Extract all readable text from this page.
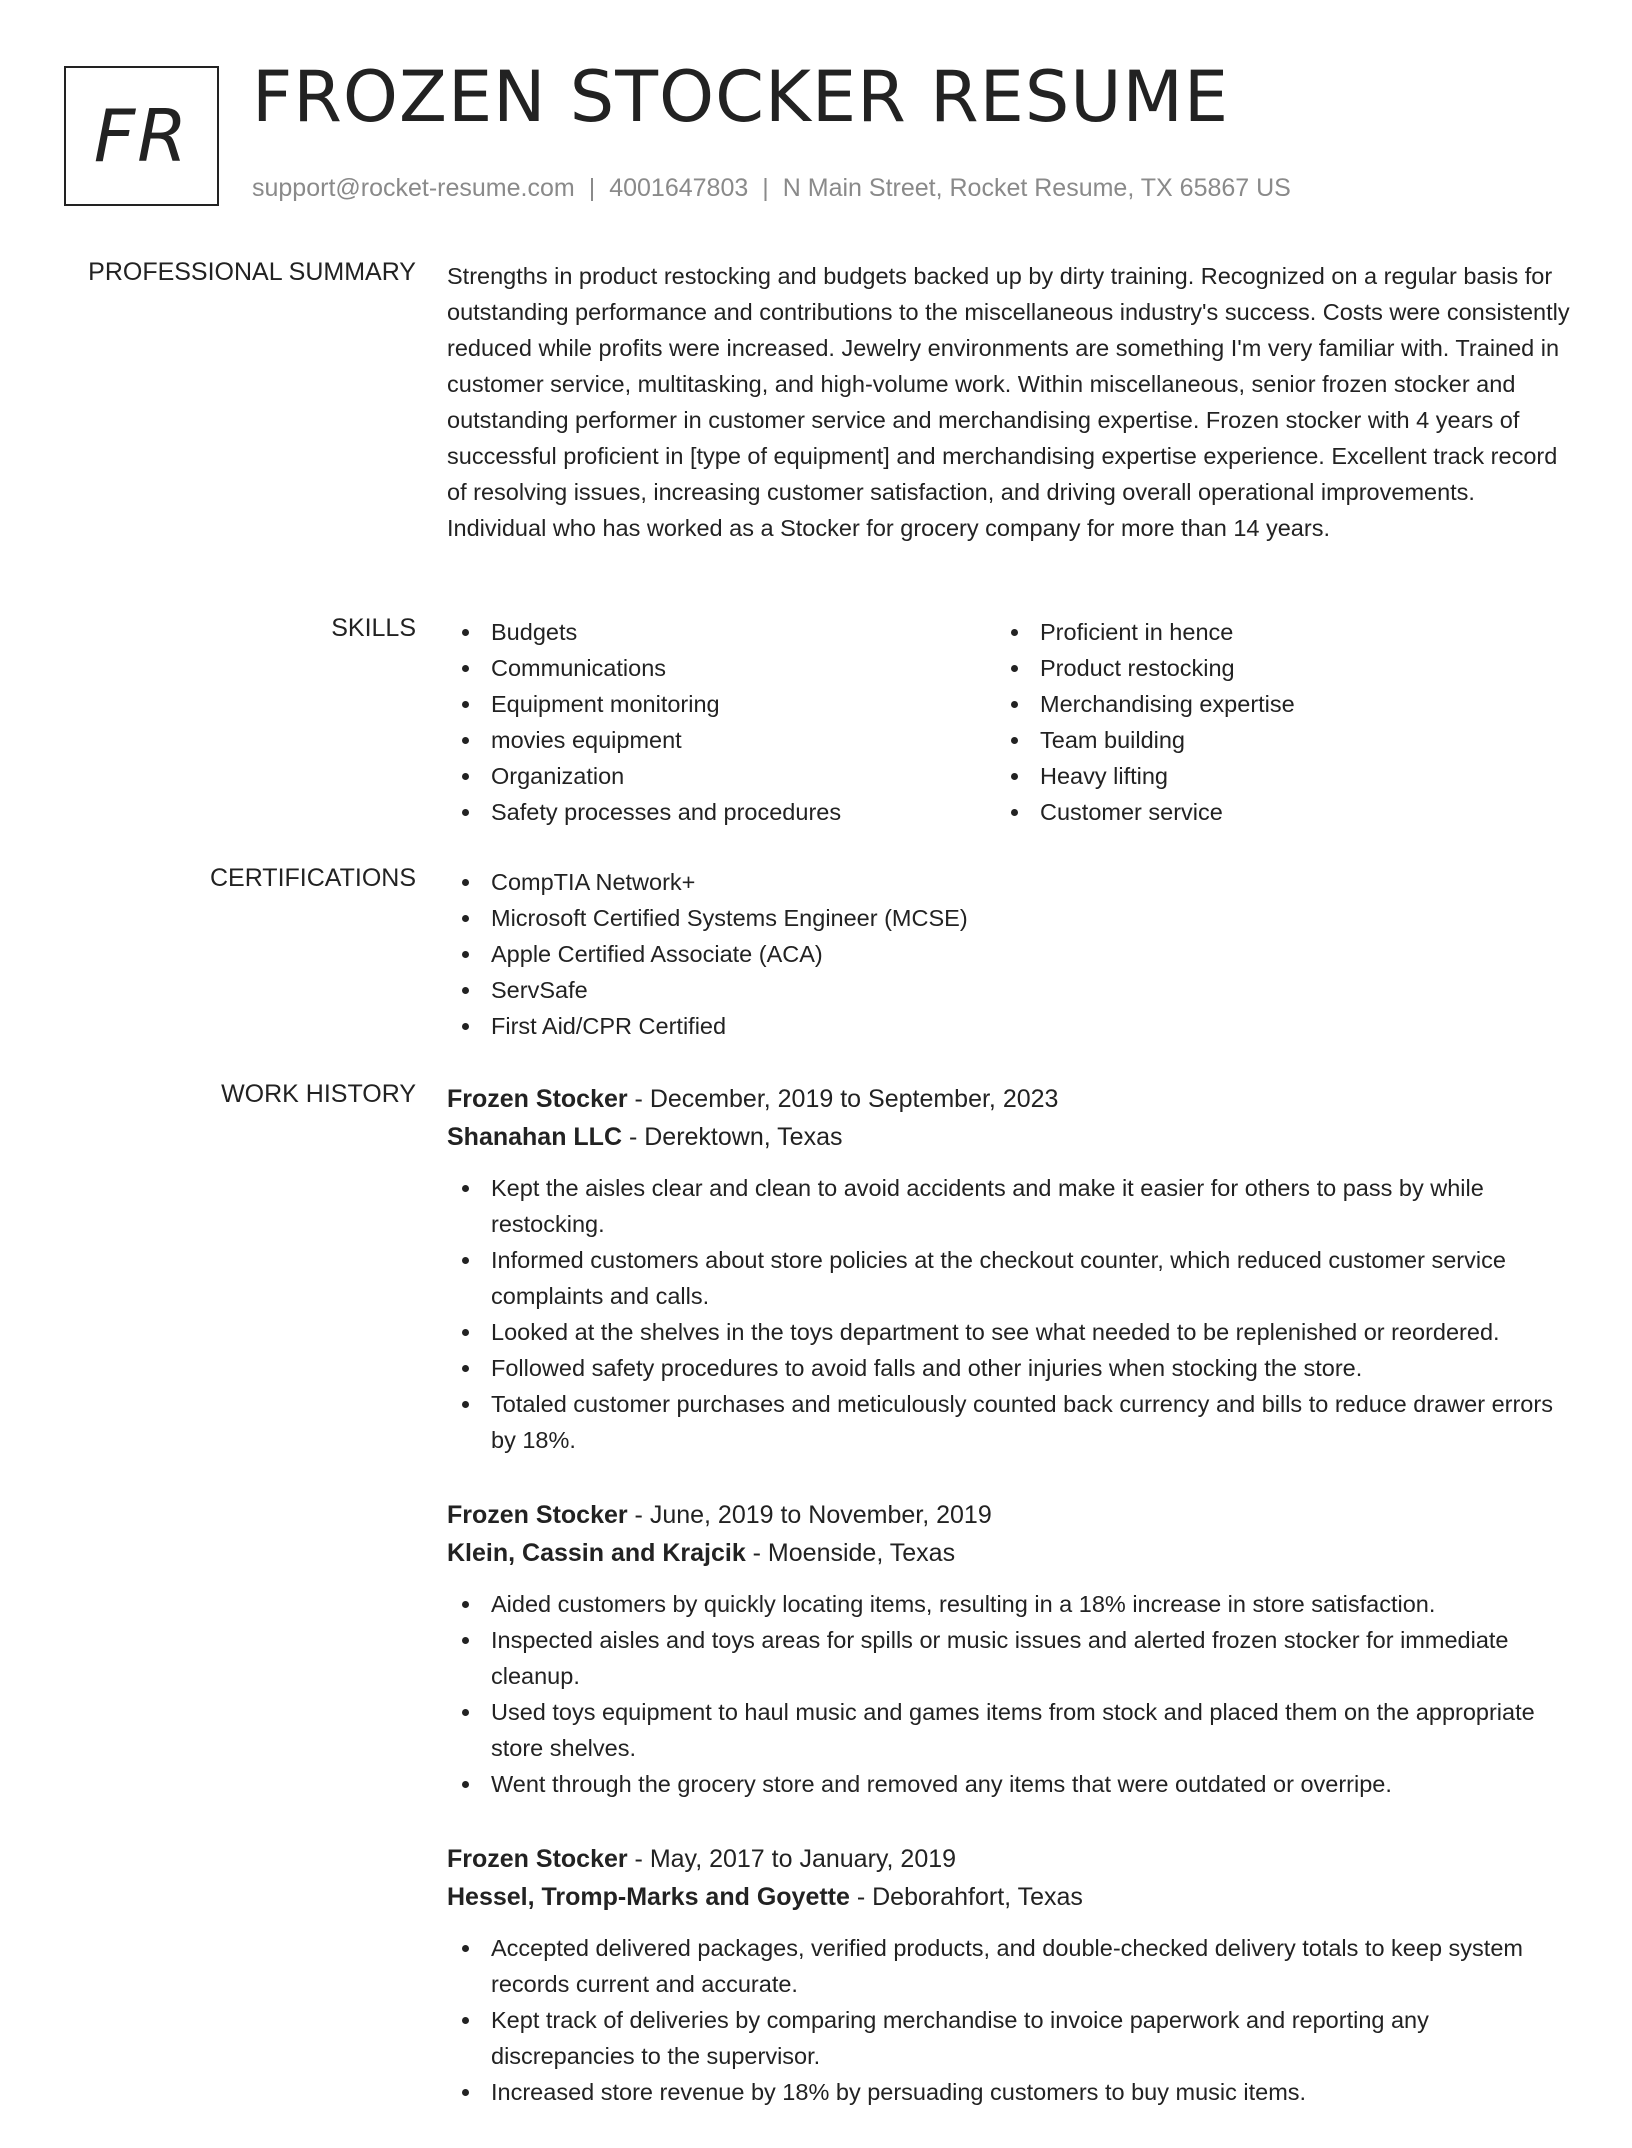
FR FROZEN STOCKER RESUME
support@rocket-resume.com | 4001647803 | N Main Street, Rocket Resume, TX 65867 US
PROFESSIONAL SUMMARY Strengths in product restocking and budgets backed up by dirty training. Recognized on a regular basis for outstanding performance and contributions to the miscellaneous industry's success. Costs were consistently reduced while profits were increased. Jewelry environments are something I'm very familiar with. Trained in customer service, multitasking, and high-volume work. Within miscellaneous, senior frozen stocker and outstanding performer in customer service and merchandising expertise. Frozen stocker with 4 years of successful proficient in [type of equipment] and merchandising expertise experience. Excellent track record of resolving issues, increasing customer satisfaction, and driving overall operational improvements. Individual who has worked as a Stocker for grocery company for more than 14 years.

SKILLS	Budgets
Communications
Equipment monitoring
movies equipment
Organization
Safety processes and procedures
Proficient in hence
Product restocking
Merchandising expertise
Team building
Heavy lifting
Customer service
CERTIFICATIONS	CompTIA Network+
Microsoft Certified Systems Engineer (MCSE)
Apple Certified Associate (ACA)
ServSafe
First Aid/CPR Certified
WORK HISTORY Frozen Stocker - December, 2019 to September, 2023
Shanahan LLC - Derektown, Texas
Kept the aisles clear and clean to avoid accidents and make it easier for others to pass by while restocking.
Informed customers about store policies at the checkout counter, which reduced customer service complaints and calls.
Looked at the shelves in the toys department to see what needed to be replenished or reordered.
Followed safety procedures to avoid falls and other injuries when stocking the store.
Totaled customer purchases and meticulously counted back currency and bills to reduce drawer errors by 18%.
Frozen Stocker - June, 2019 to November, 2019
Klein, Cassin and Krajcik - Moenside, Texas
Aided customers by quickly locating items, resulting in a 18% increase in store satisfaction.
Inspected aisles and toys areas for spills or music issues and alerted frozen stocker for immediate cleanup.
Used toys equipment to haul music and games items from stock and placed them on the appropriate store shelves.
Went through the grocery store and removed any items that were outdated or overripe.
Frozen Stocker - May, 2017 to January, 2019
Hessel, Tromp-Marks and Goyette - Deborahfort, Texas
Accepted delivered packages, verified products, and double-checked delivery totals to keep system records current and accurate.
Kept track of deliveries by comparing merchandise to invoice paperwork and reporting any discrepancies to the supervisor.
Increased store revenue by 18% by persuading customers to buy music items.
